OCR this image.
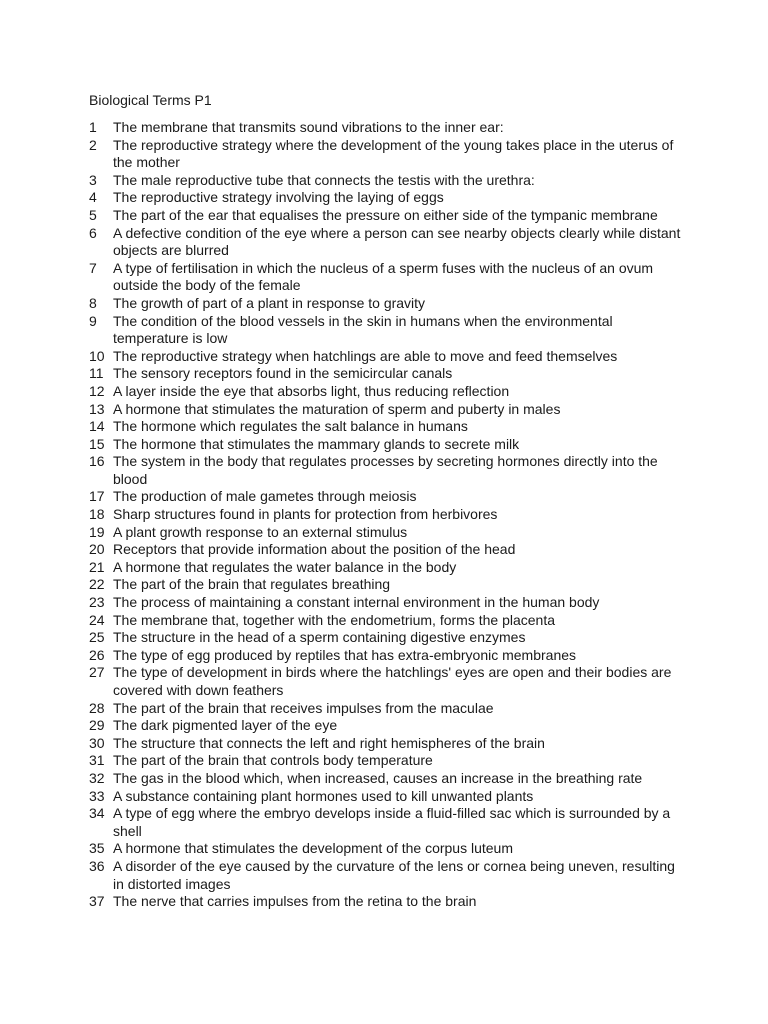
Biological Terms P1
1	The membrane that transmits sound vibrations to the inner ear:
2	The reproductive strategy where the development of the young takes place in the uterus of the mother
3	The male reproductive tube that connects the testis with the urethra:
4	The reproductive strategy involving the laying of eggs
5	The part of the ear that equalises the pressure on either side of the tympanic membrane
6	A defective condition of the eye where a person can see nearby objects clearly while distant objects are blurred
7	A type of fertilisation in which the nucleus of a sperm fuses with the nucleus of an ovum outside the body of the female
8	The growth of part of a plant in response to gravity
9	The condition of the blood vessels in the skin in humans when the environmental temperature is low
10 The reproductive strategy when hatchlings are able to move and feed themselves
11 The sensory receptors found in the semicircular canals
12 A layer inside the eye that absorbs light, thus reducing reflection
13 A hormone that stimulates the maturation of sperm and puberty in males
14 The hormone which regulates the salt balance in humans
15 The hormone that stimulates the mammary glands to secrete milk
16 The system in the body that regulates processes by secreting hormones directly into the blood
17 The production of male gametes through meiosis
18 Sharp structures found in plants for protection from herbivores
19 A plant growth response to an external stimulus
20 Receptors that provide information about the position of the head
21 A hormone that regulates the water balance in the body
22 The part of the brain that regulates breathing
23 The process of maintaining a constant internal environment in the human body
24 The membrane that, together with the endometrium, forms the placenta
25 The structure in the head of a sperm containing digestive enzymes
26 The type of egg produced by reptiles that has extra-embryonic membranes
27 The type of development in birds where the hatchlings' eyes are open and their bodies are covered with down feathers
28 The part of the brain that receives impulses from the maculae
29 The dark pigmented layer of the eye
30 The structure that connects the left and right hemispheres of the brain
31 The part of the brain that controls body temperature
32 The gas in the blood which, when increased, causes an increase in the breathing rate
33 A substance containing plant hormones used to kill unwanted plants
34 A type of egg where the embryo develops inside a fluid-filled sac which is surrounded by a shell
35 A hormone that stimulates the development of the corpus luteum
36 A disorder of the eye caused by the curvature of the lens or cornea being uneven, resulting in distorted images
37 The nerve that carries impulses from the retina to the brain
